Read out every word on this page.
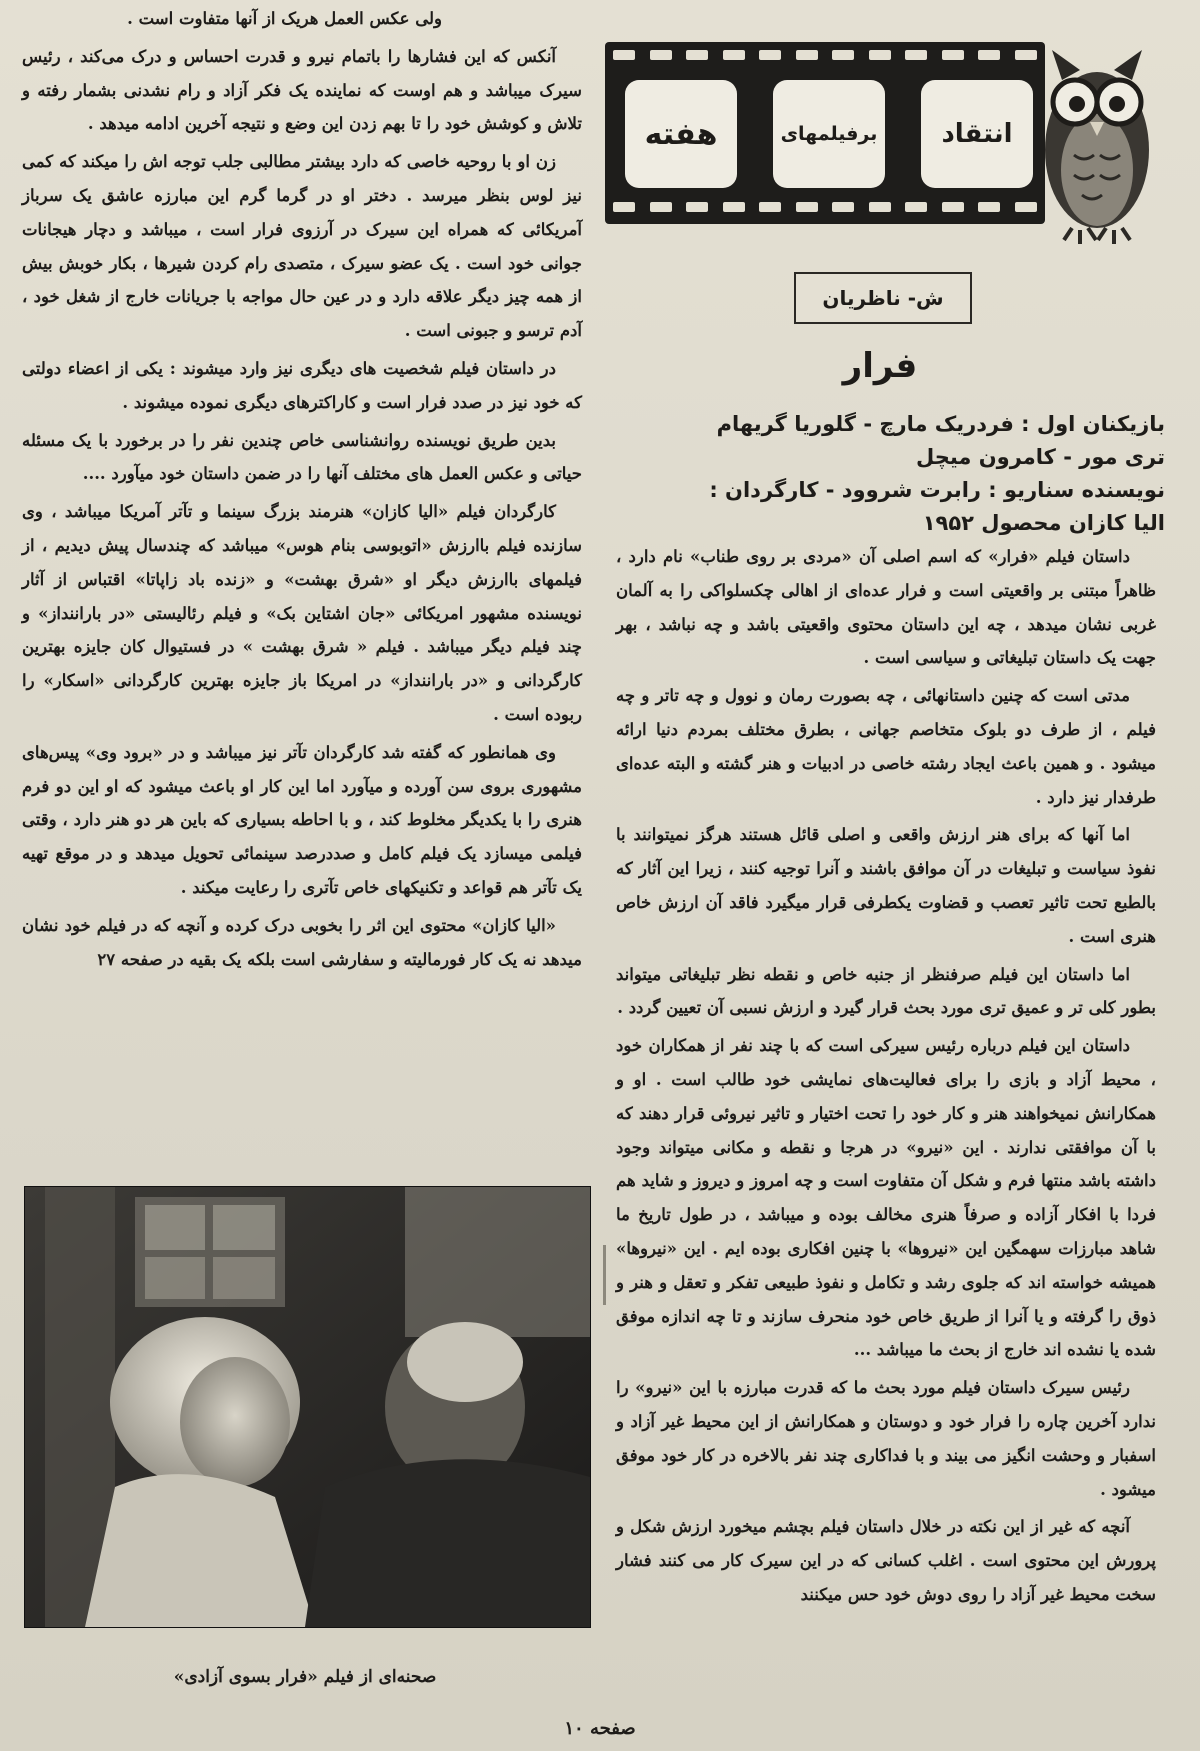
ولی عکس العمل هریک از آنها متفاوت است .

آنکس که این فشارها را باتمام نیرو و قدرت احساس و درک می‌کند ، رئیس سیرک میباشد و هم اوست که نماینده یک فکر آزاد و رام نشدنی بشمار رفته و تلاش و کوشش خود را تا بهم زدن این وضع و نتیجه آخرین ادامه میدهد .

زن او با روحیه خاصی که دارد بیشتر مطالبی جلب توجه اش را میکند که کمی نیز لوس بنظر میرسد . دختر او در گرما گرم این مبارزه عاشق یک سرباز آمریکائی که همراه این سیرک در آرزوی فرار است ، میباشد و دچار هیجانات جوانی خود است . یک عضو سیرک ، متصدی رام کردن شیرها ، بکار خوبش بیش از همه چیز دیگر علاقه دارد و در عین حال مواجه با جریانات خارج از شغل خود ، آدم ترسو و جبونی است .

در داستان فیلم شخصیت های دیگری نیز وارد میشوند : یکی از اعضاء دولتی که خود نیز در صدد فرار است و کاراکترهای دیگری نموده میشوند .

بدین طریق نویسنده روانشناسی خاص چندین نفر را در برخورد با یک مسئله حیاتی و عکس العمل های مختلف آنها را در ضمن داستان خود میآورد ....

کارگردان فیلم «الیا کازان» هنرمند بزرگ سینما و تآتر آمریکا میباشد ، وی سازنده فیلم باارزش «اتوبوسی بنام هوس» میباشد که چندسال پیش دیدیم ، از فیلمهای باارزش دیگر او «شرق بهشت» و «زنده باد زاپاتا» اقتباس از آثار نویسنده مشهور امریکائی «جان اشتاین بک» و فیلم رئالیستی «در باراننداز» و چند فیلم دیگر میباشد . فیلم « شرق بهشت » در فستیوال کان جایزه بهترین کارگردانی و «در باراننداز» در امریکا باز جایزه بهترین کارگردانی «اسکار» را ربوده است .

وی همانطور که گفته شد کارگردان تآتر نیز میباشد و در «برود وی» پیس‌های مشهوری بروی سن آورده و میآورد اما این کار او باعث میشود که او این دو فرم هنری را با یکدیگر مخلوط کند ، و با احاطه بسیاری که باین هر دو هنر دارد ، وقتی فیلمی میسازد یک فیلم کامل و صددرصد سینمائی تحویل میدهد و در موقع تهیه یک تآتر هم قواعد و تکنیکهای خاص تآتری را رعایت میکند .

«الیا کازان» محتوی این اثر را بخوبی درک کرده و آنچه که در فیلم خود نشان میدهد نه یک کار فورمالیته و سفارشی است بلکه یک بقیه در صفحه ۲۷

انتقاد
برفیلمهای
هفته
ش- ناظریان
فرار
بازیکنان اول : فردریک مارچ - گلوریا گریهام
تری مور - کامرون میچل
نویسنده سناریو : رابرت شروود - کارگردان :
الیا کازان محصول ۱۹۵۲

داستان فیلم «فرار» که اسم اصلی آن «مردی بر روی طناب» نام دارد ، ظاهراً مبتنی بر واقعیتی است و فرار عده‌ای از اهالی چکسلواکی را به آلمان غربی نشان میدهد ، چه این داستان محتوی واقعیتی باشد و چه نباشد ، بهر جهت یک داستان تبلیغاتی و سیاسی است .

مدتی است که چنین داستانهائی ، چه بصورت رمان و نوول و چه تاتر و چه فیلم ، از طرف دو بلوک متخاصم جهانی ، بطرق مختلف بمردم دنیا ارائه میشود . و همین باعث ایجاد رشته خاصی در ادبیات و هنر گشته و البته عده‌ای طرفدار نیز دارد .

اما آنها که برای هنر ارزش واقعی و اصلی قائل هستند هرگز نمیتوانند با نفوذ سیاست و تبلیغات در آن موافق باشند و آنرا توجیه کنند ، زیرا این آثار که بالطبع تحت تاثیر تعصب و قضاوت یکطرفی قرار میگیرد فاقد آن ارزش خاص هنری است .

اما داستان این فیلم صرفنظر از جنبه خاص و نقطه نظر تبلیغاتی میتواند بطور کلی تر و عمیق تری مورد بحث قرار گیرد و ارزش نسبی آن تعیین گردد .

داستان این فیلم درباره رئیس سیرکی است که با چند نفر از همکاران خود ، محیط آزاد و بازی را برای فعالیت‌های نمایشی خود طالب است . او و همکارانش نمیخواهند هنر و کار خود را تحت اختیار و تاثیر نیروئی قرار دهند که با آن موافقتی ندارند . این «نیرو» در هرجا و نقطه و مکانی میتواند وجود داشته باشد منتها فرم و شکل آن متفاوت است و چه امروز و دیروز و شاید هم فردا با افکار آزاده و صرفاً هنری مخالف بوده و میباشد ، در طول تاریخ ما شاهد مبارزات سهمگین این «نیروها» با چنین افکاری بوده ایم . این «نیروها» همیشه خواسته اند که جلوی رشد و تکامل و نفوذ طبیعی تفکر و تعقل و هنر و ذوق را گرفته و یا آنرا از طریق خاص خود منحرف سازند و تا چه اندازه موفق شده یا نشده اند خارج از بحث ما میباشد ...

رئیس سیرک داستان فیلم مورد بحث ما که قدرت مبارزه با این «نیرو» را ندارد آخرین چاره را فرار خود و دوستان و همکارانش از این محیط غیر آزاد و اسفبار و وحشت انگیز می بیند و با فداکاری چند نفر بالاخره در کار خود موفق میشود .

آنچه که غیر از این نکته در خلال داستان فیلم بچشم میخورد ارزش شکل و پرورش این محتوی است . اغلب کسانی که در این سیرک کار می کنند فشار سخت محیط غیر آزاد را روی دوش خود حس میکنند

صحنه‌ای از فیلم «فرار بسوی آزادی»
صفحه ۱۰
